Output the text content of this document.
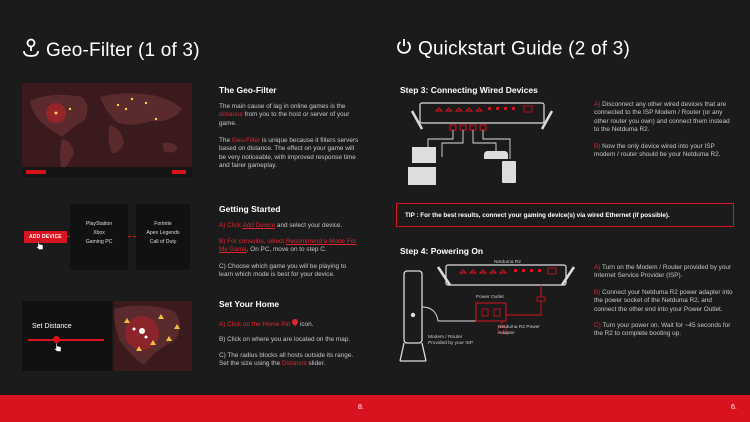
Geo-Filter (1 of 3)
The Geo-Filter
The main cause of lag in online games is the distance from you to the host or server of your game.
The Geo-Filter is unique because it filters servers based on distance. The effect on your game will be very noticeable, with improved response time and fairer gameplay.
ADD DEVICE
PlayStation
Xbox
Gaming PC
Fortnite
Apex Legends
Call of Duty
Getting Started
A) Click Add Device and select your device.
B) For consoles, select Recommend a Mode For My Game. On PC, move on to step C.
C) Choose which game you will be playing to learn which mode is best for your device.
Set Distance
Set Your Home
A) Click on the Home Pin  icon.
B) Click on where you are located on the map.
C) The radius blocks all hosts outside its range. Set the size using the Distance slider.
Quickstart Guide (2 of 3)
Step 3: Connecting Wired Devices
A) Disconnect any other wired devices that are connected to the ISP Modem / Router (or any other router you own) and connect them instead to the Netduma R2.
B) Now the only device wired into your ISP modem / router should be your Netduma R2.
TIP : For the best results, connect your gaming device(s) via wired Ethernet (if possible).
Step 4: Powering On
Netduma R2
Power Outlet
Modem / Router Provided by your ISP
Netduma R2 Power Adapter
A) Turn on the Modem / Router provided by your Internet Service Provider (ISP).
B) Connect your Netduma R2 power adapter into the power socket of the Netduma R2, and connect the other end into your Power Outlet.
C) Turn your power on. Wait for ~45 seconds for the R2 to complete booting up.
8.	6.
